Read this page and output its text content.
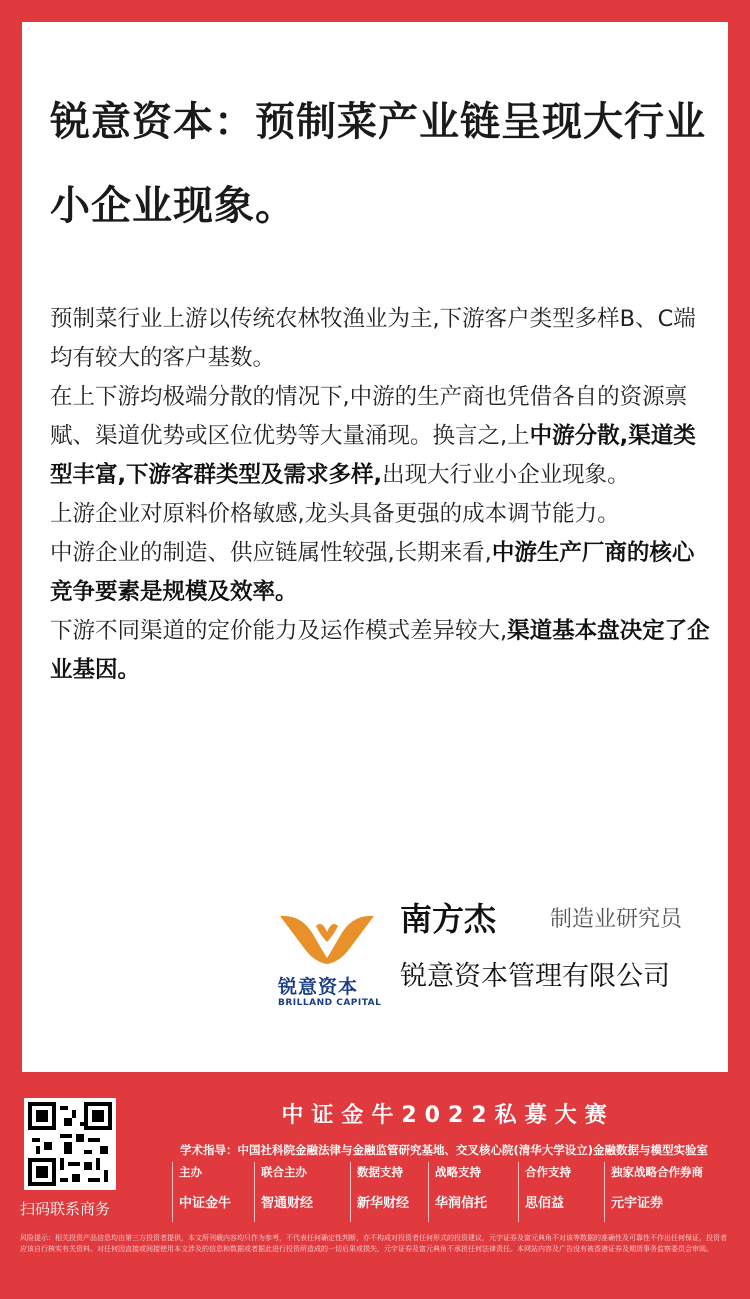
锐意资本：预制菜产业链呈现大行业小企业现象。

预制菜行业上游以传统农林牧渔业为主,下游客户类型多样B、C端均有较大的客户基数。

在上下游均极端分散的情况下,中游的生产商也凭借各自的资源禀赋、渠道优势或区位优势等大量涌现。换言之,上中游分散,渠道类型丰富,下游客群类型及需求多样,出现大行业小企业现象。

上游企业对原料价格敏感,龙头具备更强的成本调节能力。

中游企业的制造、供应链属性较强,长期来看,中游生产厂商的核心竞争要素是规模及效率。

下游不同渠道的定价能力及运作模式差异较大,渠道基本盘决定了企业基因。

锐意资本
BRILLAND CAPITAL
南方杰 制造业研究员
锐意资本管理有限公司
扫码联系商务
中证金牛2022私募大赛
学术指导：中国社科院金融法律与金融监管研究基地、交叉核心院(清华大学设立)金融数据与模型实验室
主办
中证金牛
联合主办
智通财经
数据支持
新华财经
战略支持
华润信托
合作支持
思佰益
独家战略合作券商
元宇证券
风险提示：相关投资产品信息均由第三方投资者提供，本文所刊载内容均只作为参考，不代表任何确定性判断，亦不构成对投资者任何形式的投资建议，元宇证券及富元典角不对该等数据的准确性及可靠性不作出任何保证，投资者应该自行核实有关资料。对任何因直接或间接使用本文涉及的信息和数据或者据此进行投资所造成的一切后果或损失，元宇证券及富元典角不承担任何法律责任。本网站内容及广告没有被香港证券及期货事务监察委员会审阅。
